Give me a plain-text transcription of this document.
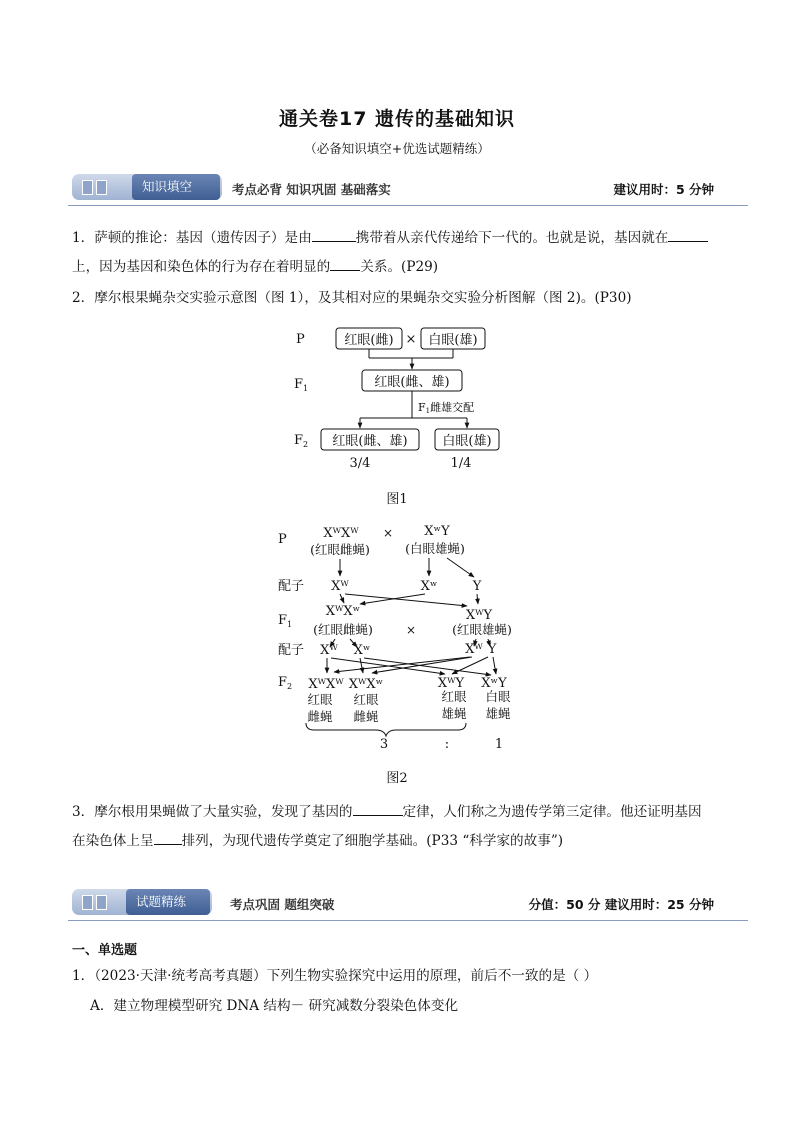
通关卷17 遗传的基础知识
（必备知识填空+优选试题精练）
知识填空	考点必背 知识巩固 基础落实	建议用时：5 分钟
1．萨顿的推论：基因（遗传因子）是由	携带着从亲代传递给下一代的。也就是说，基因就在
上，因为基因和染色体的行为存在着明显的 关系。(P29)
2．摩尔根果蝇杂交实验示意图（图 1），及其相对应的果蝇杂交实验分析图解（图 2)。(P30)
P
$F_1$
$F_2$
红眼(雌) × 白眼(雄)
红眼(雌、雄)
F1雌雄交配
红眼(雌、雄)	白眼(雄)
3/4	1/4
图1
P
配子
$F_1$
配子
$F_2$
XᵂXᵂ × XʷY
(红眼雌蝇)	(白眼雄蝇)
Xᵂ	Xʷ	Y
XᵂXʷ	XᵂY
(红眼雌蝇)	×	(红眼雄蝇)
Xᵂ Xʷ	Xᵂ Y
XᵂXᵂ XᵂXʷ	XᵂY XʷY
红眼
雌蝇
红眼
雌蝇
红眼
雄蝇
白眼
雄蝇
3	:	1
图2
3．摩尔根用果蝇做了大量实验，发现了基因的	定律，人们称之为遗传学第三定律。他还证明基因
在染色体上呈 排列，为现代遗传学奠定了细胞学基础。(P33 “科学家的故事”)
试题精练	考点巩固 题组突破	分值：50 分 建议用时：25 分钟
一、单选题
1．（2023·天津·统考高考真题）下列生物实验探究中运用的原理，前后不一致的是（ ）
A．建立物理模型研究 DNA 结构－ 研究减数分裂染色体变化
